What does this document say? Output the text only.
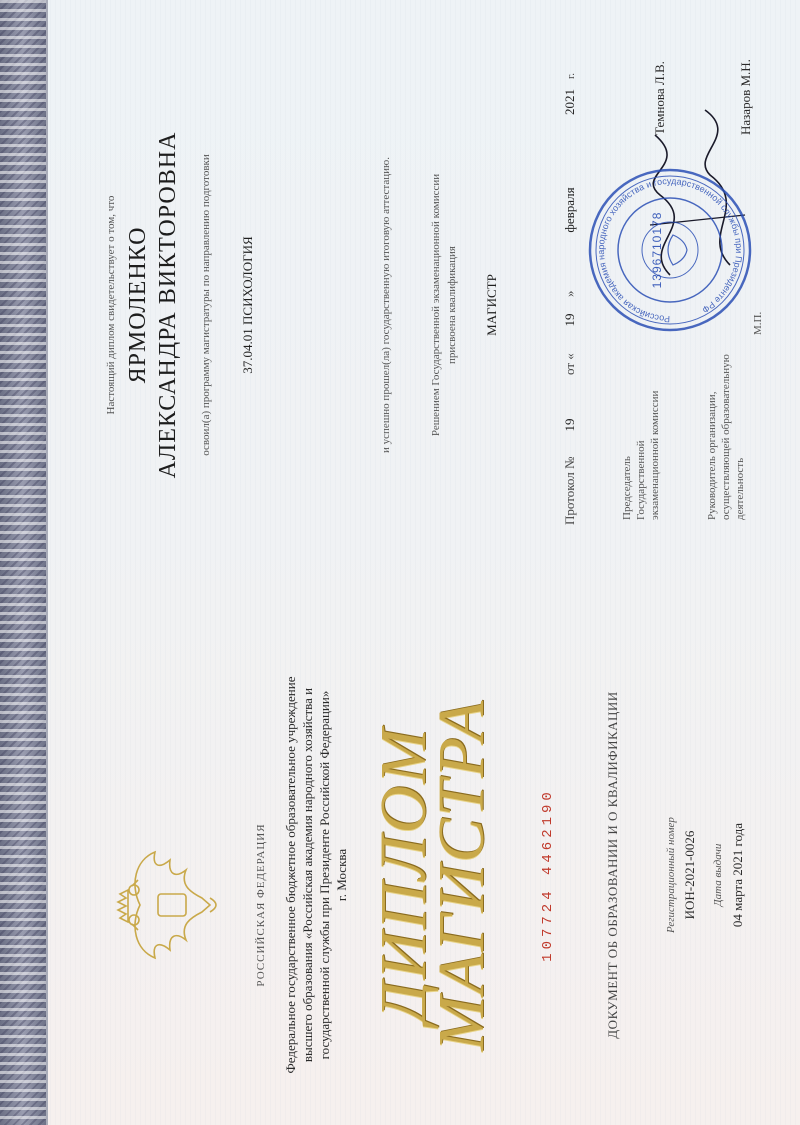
РОССИЙСКАЯ ФЕДЕРАЦИЯ Федеральное государственное бюджетное образовательное учреждение высшего образования «Российская академия народного хозяйства и государственной службы при Президенте Российской Федерации» г. Москва ДИПЛОМ
МАГИСТРА	107724 4462190	ДОКУМЕНТ ОБ ОБРАЗОВАНИИ И О КВАЛИФИКАЦИИ	Регистрационный номер ИОН-2021-0026 Дата выдачи 04 марта 2021 года
Настоящий диплом свидетельствует о том, что ЯРМОЛЕНКО АЛЕКСАНДРА ВИКТОРОВНА освоил(а) программу магистратуры по направлению подготовки 37.04.01 ПСИХОЛОГИЯ	и успешно прошел(ла) государственную итоговую аттестацию.	Решением Государственной экзаменационной комиссии присвоена квалификация МАГИСТР
Протокол №
19
от «
19
»
февраля
2021
г.
Председатель Государственной экзаменационной комиссии
Темнова Л.В.
Руководитель организации, осуществляющей образовательную деятельность
Назаров М.Н.
М.П.
Российская академия народного хозяйства и государственной службы при Президенте РФ
1396710178
